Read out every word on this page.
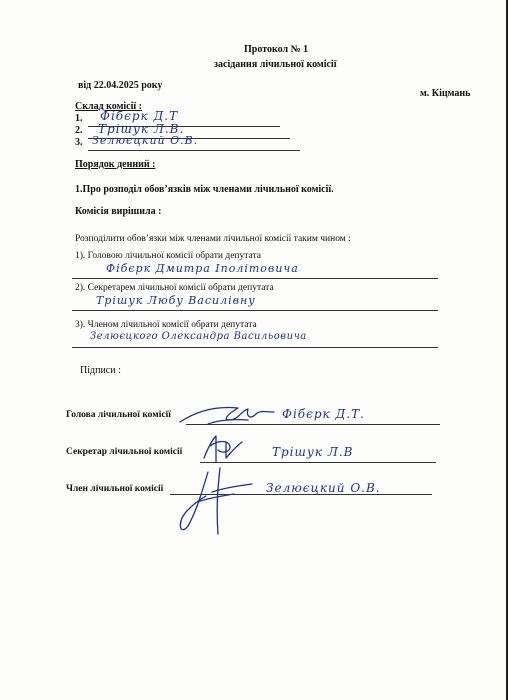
Протокол № 1
засідання лічильної комісії
від 22.04.2025 року
м. Кіцмань
Склад комісії :
1. Фібєрк Д.Т
2. Трішук Л.В.
3. Зелюєцкий О.В.
Порядок денний :
1.Про розподіл обов’язків між членами лічильної комісії.
Комісія вирішила :
Розподілити обов’язки між членами лічильної комісії таким чином :
1). Головою лічильної комісії обрати депутата
Фібєрк Дмитра Іполітовича
2). Секретарем лічильної комісії обрати депутата
Трішук Любу Василівну
3). Членом лічильної комісії обрати депутата
Зелюєцкого Олександра Васильовича
Підписи :
Голова лічильної комісії	Фібєрк Д.Т.
Секретар лічильної комісії	Трішук Л.В
Член лічильної комісії	Зелюєцкий О.В.
